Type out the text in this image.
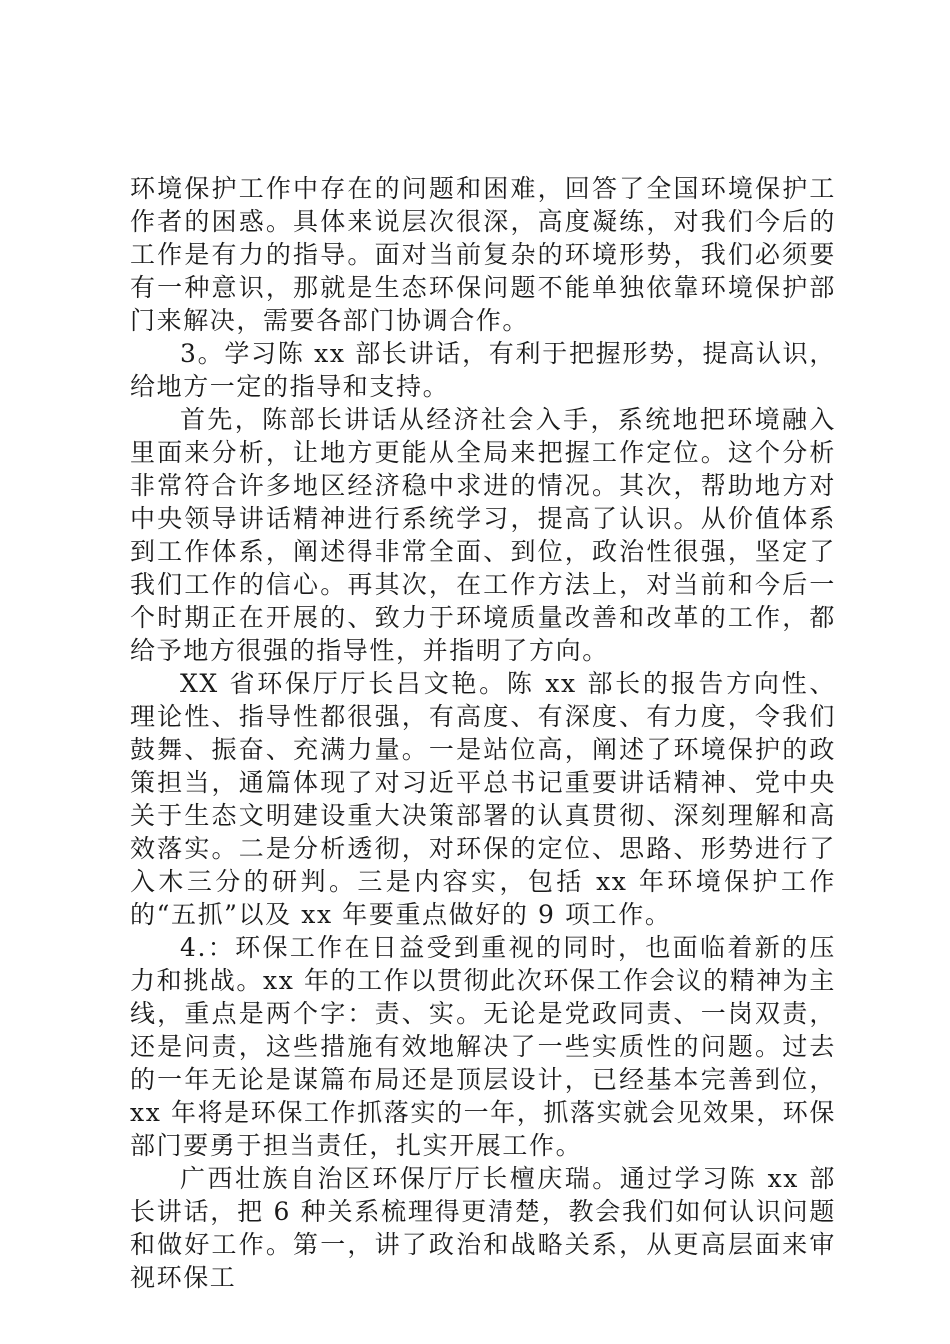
环境保护工作中存在的问题和困难，回答了全国环境保护工作者的困惑。具体来说层次很深，高度凝练，对我们今后的工作是有力的指导。面对当前复杂的环境形势，我们必须要有一种意识，那就是生态环保问题不能单独依靠环境保护部门来解决，需要各部门协调合作。

3。学习陈 xx 部长讲话，有利于把握形势，提高认识，给地方一定的指导和支持。

首先，陈部长讲话从经济社会入手，系统地把环境融入里面来分析，让地方更能从全局来把握工作定位。这个分析非常符合许多地区经济稳中求进的情况。其次，帮助地方对中央领导讲话精神进行系统学习，提高了认识。从价值体系到工作体系，阐述得非常全面、到位，政治性很强，坚定了我们工作的信心。再其次，在工作方法上，对当前和今后一个时期正在开展的、致力于环境质量改善和改革的工作，都给予地方很强的指导性，并指明了方向。

XX 省环保厅厅长吕文艳。陈 xx 部长的报告方向性、理论性、指导性都很强，有高度、有深度、有力度，令我们鼓舞、振奋、充满力量。一是站位高，阐述了环境保护的政策担当，通篇体现了对习近平总书记重要讲话精神、党中央关于生态文明建设重大决策部署的认真贯彻、深刻理解和高效落实。二是分析透彻，对环保的定位、思路、形势进行了入木三分的研判。三是内容实，包括 xx 年环境保护工作的“五抓”以及 xx 年要重点做好的 9 项工作。

4.：环保工作在日益受到重视的同时，也面临着新的压力和挑战。xx 年的工作以贯彻此次环保工作会议的精神为主线，重点是两个字：责、实。无论是党政同责、一岗双责，还是问责，这些措施有效地解决了一些实质性的问题。过去的一年无论是谋篇布局还是顶层设计，已经基本完善到位，xx 年将是环保工作抓落实的一年，抓落实就会见效果，环保部门要勇于担当责任，扎实开展工作。

广西壮族自治区环保厅厅长檀庆瑞。通过学习陈 xx 部长讲话，把 6 种关系梳理得更清楚，教会我们如何认识问题和做好工作。第一，讲了政治和战略关系，从更高层面来审视环保工
